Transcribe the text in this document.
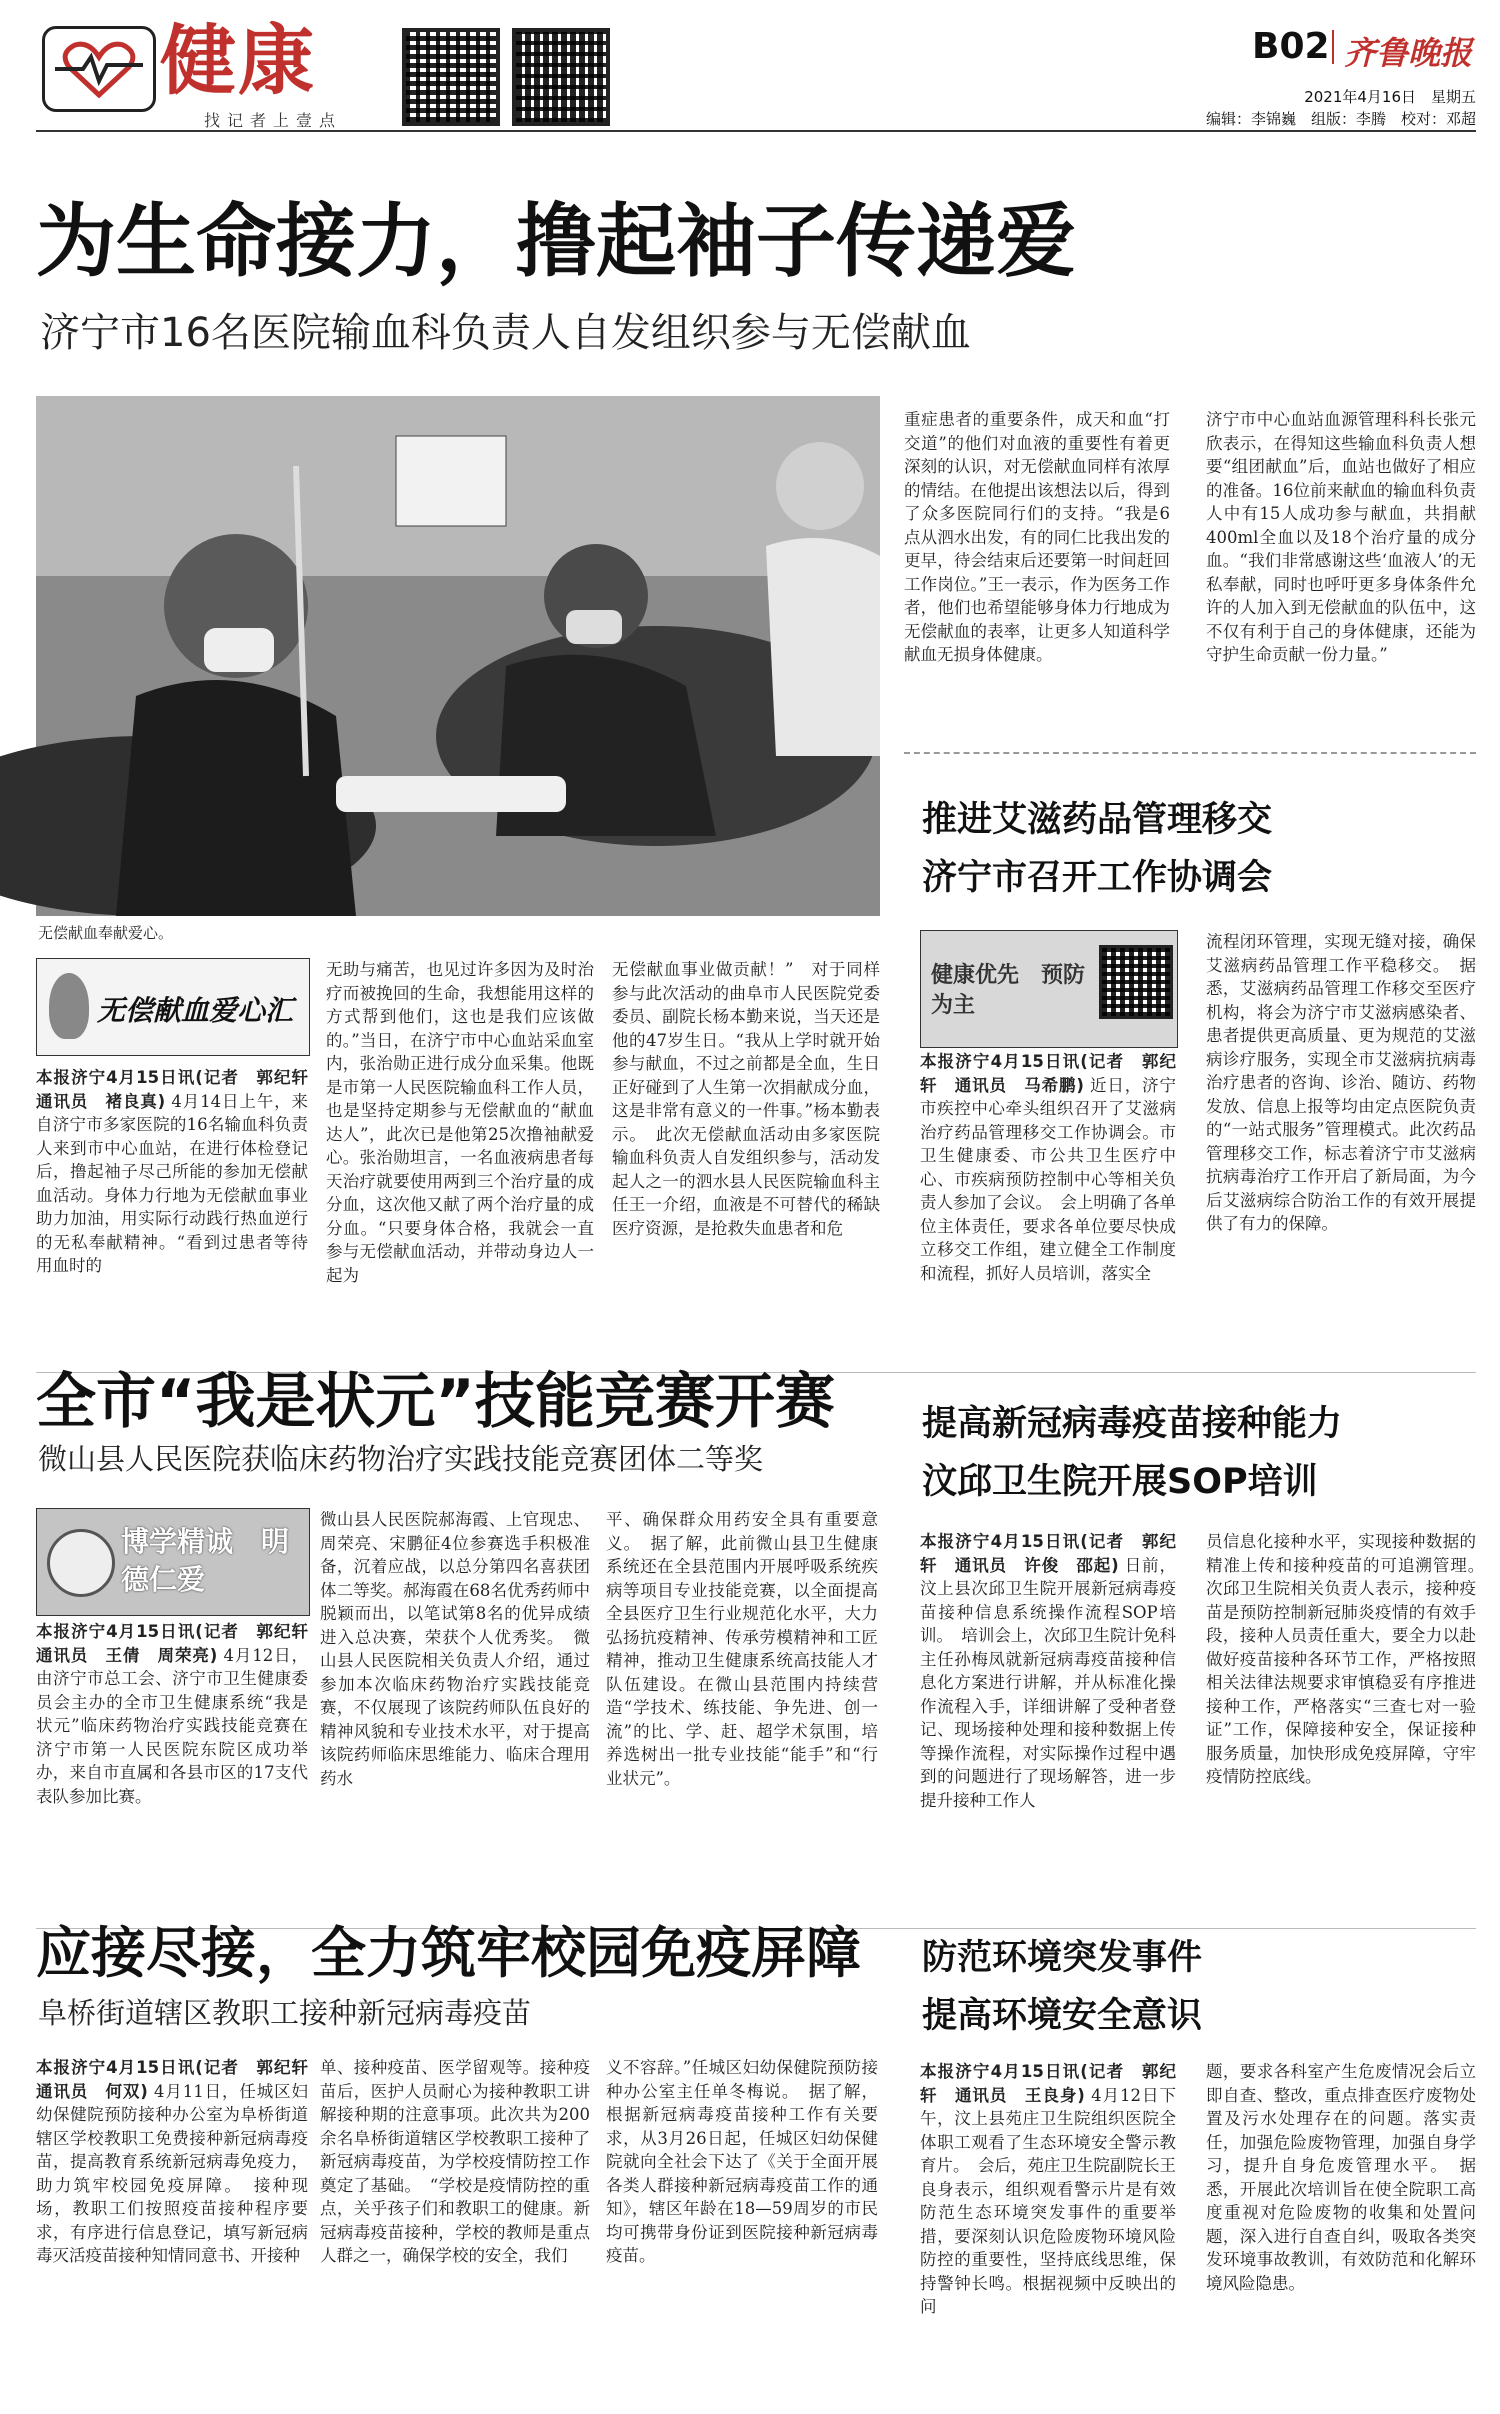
健康
找记者上壹点
B02 齐鲁晚报
2021年4月16日　星期五
编辑：李锦巍　组版：李腾　校对：邓超
为生命接力，撸起袖子传递爱
济宁市16名医院输血科负责人自发组织参与无偿献血
无偿献血奉献爱心。
无偿献血爱心汇
本报济宁4月15日讯(记者　郭纪轩　通讯员　褚良真) 4月14日上午，来自济宁市多家医院的16名输血科负责人来到市中心血站，在进行体检登记后，撸起袖子尽己所能的参加无偿献血活动。身体力行地为无偿献血事业助力加油，用实际行动践行热血逆行的无私奉献精神。“看到过患者等待用血时的
无助与痛苦，也见过许多因为及时治疗而被挽回的生命，我想能用这样的方式帮到他们，这也是我们应该做的。”当日，在济宁市中心血站采血室内，张治勋正进行成分血采集。他既是市第一人民医院输血科工作人员，也是坚持定期参与无偿献血的“献血达人”，此次已是他第25次撸袖献爱心。张治勋坦言，一名血液病患者每天治疗就要使用两到三个治疗量的成分血，这次他又献了两个治疗量的成分血。“只要身体合格，我就会一直参与无偿献血活动，并带动身边人一起为
无偿献血事业做贡献！”　对于同样参与此次活动的曲阜市人民医院党委委员、副院长杨本勤来说，当天还是他的47岁生日。“我从上学时就开始参与献血，不过之前都是全血，生日正好碰到了人生第一次捐献成分血，这是非常有意义的一件事。”杨本勤表示。　此次无偿献血活动由多家医院输血科负责人自发组织参与，活动发起人之一的泗水县人民医院输血科主任王一介绍，血液是不可替代的稀缺医疗资源，是抢救失血患者和危
重症患者的重要条件，成天和血“打交道”的他们对血液的重要性有着更深刻的认识，对无偿献血同样有浓厚的情结。在他提出该想法以后，得到了众多医院同行们的支持。“我是6点从泗水出发，有的同仁比我出发的更早，待会结束后还要第一时间赶回工作岗位。”王一表示，作为医务工作者，他们也希望能够身体力行地成为无偿献血的表率，让更多人知道科学献血无损身体健康。
济宁市中心血站血源管理科科长张元欣表示，在得知这些输血科负责人想要“组团献血”后，血站也做好了相应的准备。16位前来献血的输血科负责人中有15人成功参与献血，共捐献400ml全血以及18个治疗量的成分血。“我们非常感谢这些‘血液人’的无私奉献，同时也呼吁更多身体条件允许的人加入到无偿献血的队伍中，这不仅有利于自己的身体健康，还能为守护生命贡献一份力量。”
推进艾滋药品管理移交
济宁市召开工作协调会
健康优先　预防为主
本报济宁4月15日讯(记者　郭纪轩　通讯员　马希鹏) 近日，济宁市疾控中心牵头组织召开了艾滋病治疗药品管理移交工作协调会。市卫生健康委、市公共卫生医疗中心、市疾病预防控制中心等相关负责人参加了会议。　会上明确了各单位主体责任，要求各单位要尽快成立移交工作组，建立健全工作制度和流程，抓好人员培训，落实全
流程闭环管理，实现无缝对接，确保艾滋病药品管理工作平稳移交。　据悉，艾滋病药品管理工作移交至医疗机构，将会为济宁市艾滋病感染者、患者提供更高质量、更为规范的艾滋病诊疗服务，实现全市艾滋病抗病毒治疗患者的咨询、诊治、随访、药物发放、信息上报等均由定点医院负责的“一站式服务”管理模式。此次药品管理移交工作，标志着济宁市艾滋病抗病毒治疗工作开启了新局面，为今后艾滋病综合防治工作的有效开展提供了有力的保障。
全市“我是状元”技能竞赛开赛
微山县人民医院获临床药物治疗实践技能竞赛团体二等奖
博学精诚　明德仁爱
本报济宁4月15日讯(记者　郭纪轩　通讯员　王倩　周荣亮) 4月12日，由济宁市总工会、济宁市卫生健康委员会主办的全市卫生健康系统“我是状元”临床药物治疗实践技能竞赛在济宁市第一人民医院东院区成功举办，来自市直属和各县市区的17支代表队参加比赛。
微山县人民医院郝海霞、上官现忠、周荣亮、宋鹏征4位参赛选手积极准备，沉着应战，以总分第四名喜获团体二等奖。郝海霞在68名优秀药师中脱颖而出，以笔试第8名的优异成绩进入总决赛，荣获个人优秀奖。　微山县人民医院相关负责人介绍，通过参加本次临床药物治疗实践技能竞赛，不仅展现了该院药师队伍良好的精神风貌和专业技术水平，对于提高该院药师临床思维能力、临床合理用药水
平、确保群众用药安全具有重要意义。　据了解，此前微山县卫生健康系统还在全县范围内开展呼吸系统疾病等项目专业技能竞赛，以全面提高全县医疗卫生行业规范化水平，大力弘扬抗疫精神、传承劳模精神和工匠精神，推动卫生健康系统高技能人才队伍建设。在微山县范围内持续营造“学技术、练技能、争先进、创一流”的比、学、赶、超学术氛围，培养选树出一批专业技能“能手”和“行业状元”。
提高新冠病毒疫苗接种能力
汶邱卫生院开展SOP培训
本报济宁4月15日讯(记者　郭纪轩　通讯员　许俊　邵起) 日前，汶上县次邱卫生院开展新冠病毒疫苗接种信息系统操作流程SOP培训。　培训会上，次邱卫生院计免科主任孙梅凤就新冠病毒疫苗接种信息化方案进行讲解，并从标准化操作流程入手，详细讲解了受种者登记、现场接种处理和接种数据上传等操作流程，对实际操作过程中遇到的问题进行了现场解答，进一步提升接种工作人
员信息化接种水平，实现接种数据的精准上传和接种疫苗的可追溯管理。　次邱卫生院相关负责人表示，接种疫苗是预防控制新冠肺炎疫情的有效手段，接种人员责任重大，要全力以赴做好疫苗接种各环节工作，严格按照相关法律法规要求审慎稳妥有序推进接种工作，严格落实“三查七对一验证”工作，保障接种安全，保证接种服务质量，加快形成免疫屏障，守牢疫情防控底线。
应接尽接，全力筑牢校园免疫屏障
阜桥街道辖区教职工接种新冠病毒疫苗
本报济宁4月15日讯(记者　郭纪轩　通讯员　何双) 4月11日，任城区妇幼保健院预防接种办公室为阜桥街道辖区学校教职工免费接种新冠病毒疫苗，提高教育系统新冠病毒免疫力，助力筑牢校园免疫屏障。　接种现场，教职工们按照疫苗接种程序要求，有序进行信息登记，填写新冠病毒灭活疫苗接种知情同意书、开接种
单、接种疫苗、医学留观等。接种疫苗后，医护人员耐心为接种教职工讲解接种期的注意事项。此次共为200余名阜桥街道辖区学校教职工接种了新冠病毒疫苗，为学校疫情防控工作奠定了基础。　“学校是疫情防控的重点，关乎孩子们和教职工的健康。新冠病毒疫苗接种，学校的教师是重点人群之一，确保学校的安全，我们
义不容辞。”任城区妇幼保健院预防接种办公室主任单冬梅说。　据了解，根据新冠病毒疫苗接种工作有关要求，从3月26日起，任城区妇幼保健院就向全社会下达了《关于全面开展各类人群接种新冠病毒疫苗工作的通知》，辖区年龄在18—59周岁的市民均可携带身份证到医院接种新冠病毒疫苗。
防范环境突发事件
提高环境安全意识
本报济宁4月15日讯(记者　郭纪轩　通讯员　王良身) 4月12日下午，汶上县苑庄卫生院组织医院全体职工观看了生态环境安全警示教育片。　会后，苑庄卫生院副院长王良身表示，组织观看警示片是有效防范生态环境突发事件的重要举措，要深刻认识危险废物环境风险防控的重要性，坚持底线思维，保持警钟长鸣。根据视频中反映出的问
题，要求各科室产生危废情况会后立即自查、整改，重点排查医疗废物处置及污水处理存在的问题。落实责任，加强危险废物管理，加强自身学习，提升自身危废管理水平。　据悉，开展此次培训旨在使全院职工高度重视对危险废物的收集和处置问题，深入进行自查自纠，吸取各类突发环境事故教训，有效防范和化解环境风险隐患。
